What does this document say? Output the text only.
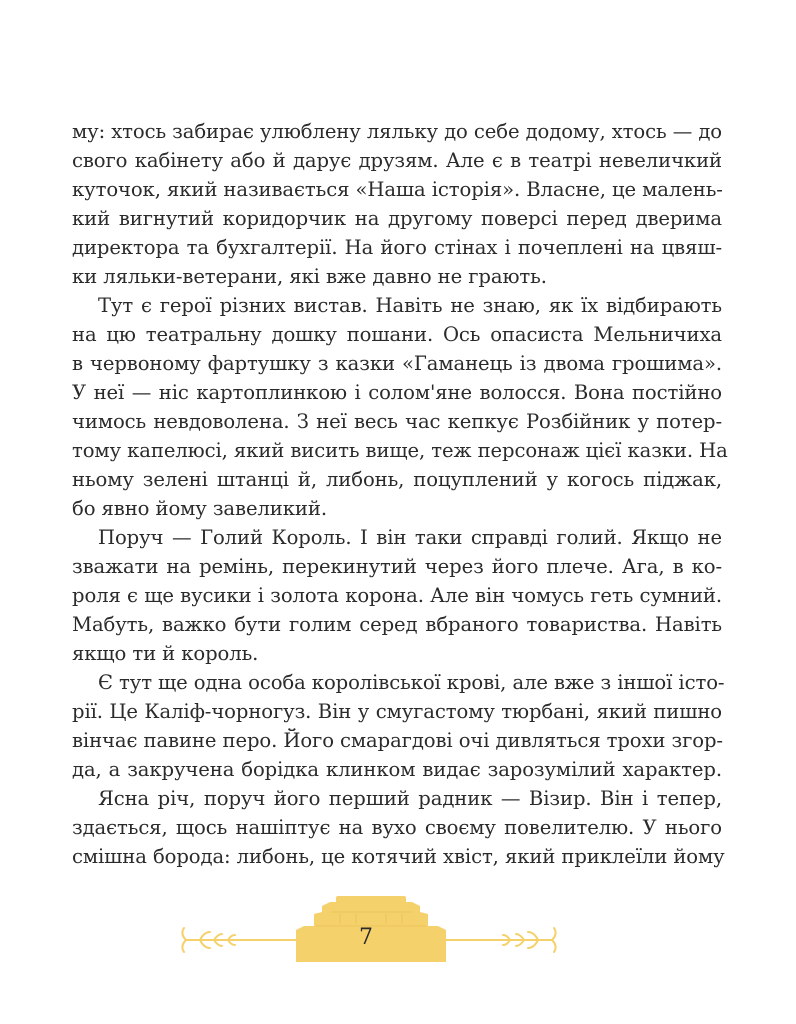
му: хтось забирає улюблену ляльку до себе додому, хтось — до
свого кабінету або й дарує друзям. Але є в театрі невеличкий
куточок, який називається «Наша історія». Власне, це малень-
кий вигнутий коридорчик на другому поверсі перед дверима
директора та бухгалтерії. На його стінах і почеплені на цвяш-
ки ляльки-ветерани, які вже давно не грають.
Тут є герої різних вистав. Навіть не знаю, як їх відбирають
на цю театральну дошку пошани. Ось опасиста Мельничиха
в червоному фартушку з казки «Гаманець із двома грошима».
У неї — ніс картоплинкою і солом'яне волосся. Вона постійно
чимось невдоволена. З неї весь час кепкує Розбійник у потер-
тому капелюсі, який висить вище, теж персонаж цієї казки. На
ньому зелені штанці й, либонь, поцуплений у когось піджак,
бо явно йому завеликий.
Поруч — Голий Король. І він таки справді голий. Якщо не
зважати на ремінь, перекинутий через його плече. Ага, в ко-
роля є ще вусики і золота корона. Але він чомусь геть сумний.
Мабуть, важко бути голим серед вбраного товариства. Навіть
якщо ти й король.
Є тут ще одна особа королівської крові, але вже з іншої істо-
рії. Це Каліф-чорногуз. Він у смугастому тюрбані, який пишно
вінчає павине перо. Його смарагдові очі дивляться трохи згор-
да, а закручена борідка клинком видає зарозумілий характер.
Ясна річ, поруч його перший радник — Візир. Він і тепер,
здається, щось нашіптує на вухо своєму повелителю. У нього
смішна борода: либонь, це котячий хвіст, який приклеїли йому
7
